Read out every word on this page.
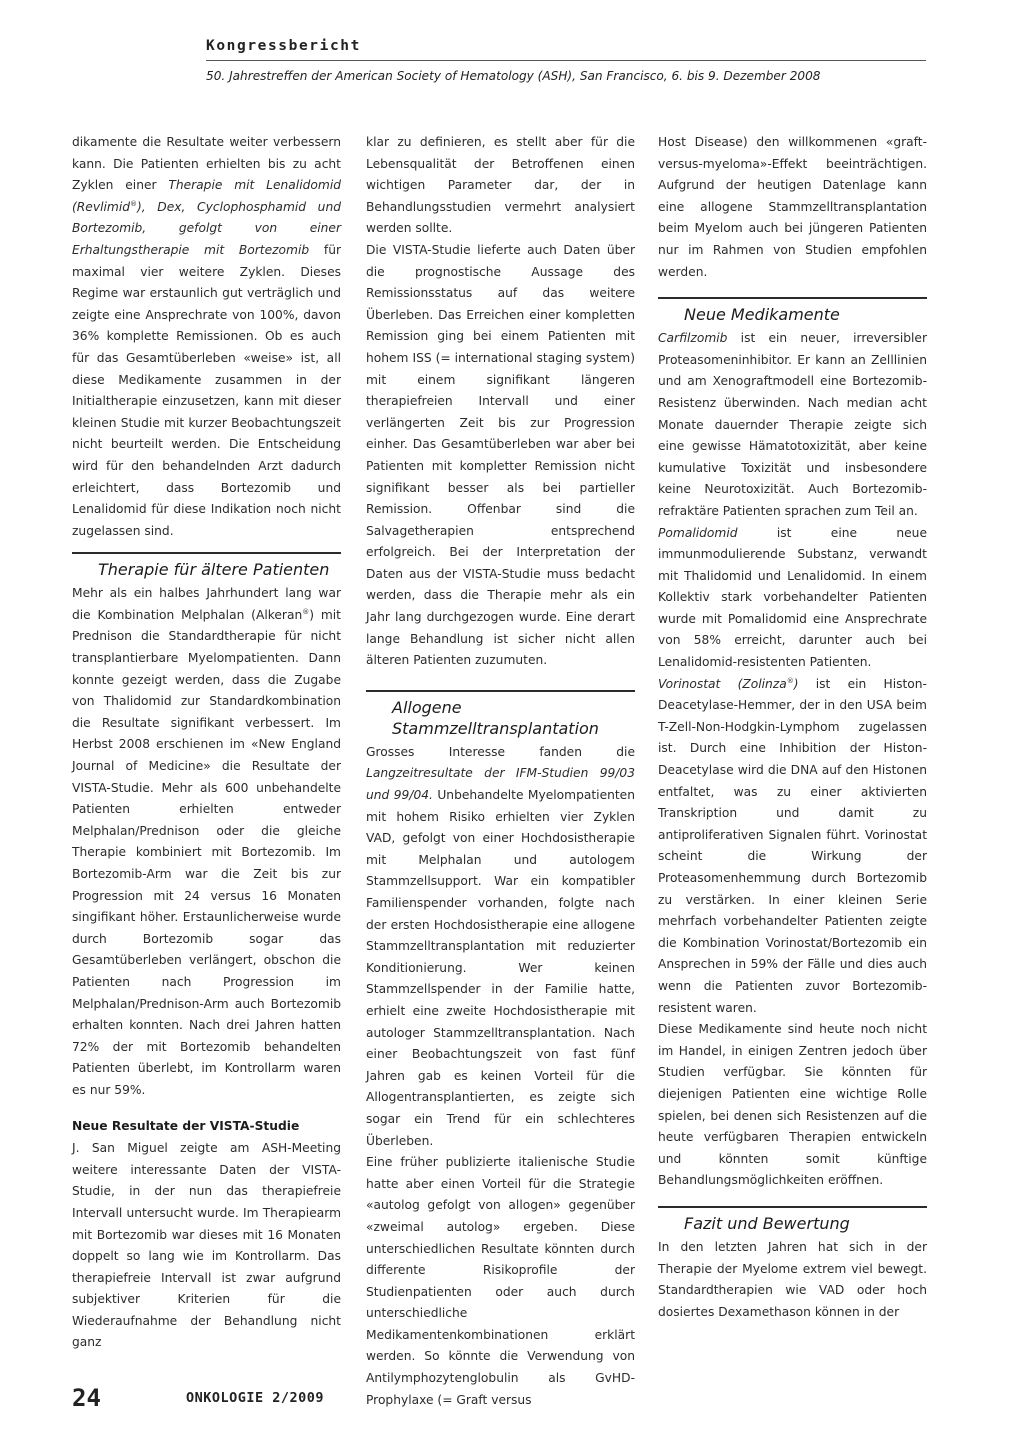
Kongressbericht
50. Jahrestreffen der American Society of Hematology (ASH), San Francisco, 6. bis 9. Dezember 2008

dikamente die Resultate weiter verbessern kann. Die Patienten erhielten bis zu acht Zyklen einer Therapie mit Lenalidomid (Revlimid®), Dex, Cyclophosphamid und Bortezomib, gefolgt von einer Erhaltungstherapie mit Bortezomib für maximal vier weitere Zyklen. Dieses Regime war erstaunlich gut verträglich und zeigte eine Ansprechrate von 100%, davon 36% komplette Remissionen. Ob es auch für das Gesamtüberleben «weise» ist, all diese Medikamente zusammen in der Initialtherapie einzusetzen, kann mit dieser kleinen Studie mit kurzer Beobachtungszeit nicht beurteilt werden. Die Entscheidung wird für den behandelnden Arzt dadurch erleichtert, dass Bortezomib und Lenalidomid für diese Indikation noch nicht zugelassen sind.

Therapie für ältere Patienten

Mehr als ein halbes Jahrhundert lang war die Kombination Melphalan (Alkeran®) mit Prednison die Standardtherapie für nicht transplantierbare Myelompatienten. Dann konnte gezeigt werden, dass die Zugabe von Thalidomid zur Standardkombination die Resultate signifikant verbessert. Im Herbst 2008 erschienen im «New England Journal of Medicine» die Resultate der VISTA-Studie. Mehr als 600 unbehandelte Patienten erhielten entweder Melphalan/Prednison oder die gleiche Therapie kombiniert mit Bortezomib. Im Bortezomib-Arm war die Zeit bis zur Progression mit 24 versus 16 Monaten singifikant höher. Erstaunlicherweise wurde durch Bortezomib sogar das Gesamtüberleben verlängert, obschon die Patienten nach Progression im Melphalan/Prednison-Arm auch Bortezomib erhalten konnten. Nach drei Jahren hatten 72% der mit Bortezomib behandelten Patienten überlebt, im Kontrollarm waren es nur 59%.

Neue Resultate der VISTA-Studie

J. San Miguel zeigte am ASH-Meeting weitere interessante Daten der VISTA-Studie, in der nun das therapiefreie Intervall untersucht wurde. Im Therapiearm mit Bortezomib war dieses mit 16 Monaten doppelt so lang wie im Kontrollarm. Das therapiefreie Intervall ist zwar aufgrund subjektiver Kriterien für die Wiederaufnahme der Behandlung nicht ganz

klar zu definieren, es stellt aber für die Lebensqualität der Betroffenen einen wichtigen Parameter dar, der in Behandlungsstudien vermehrt analysiert werden sollte.

Die VISTA-Studie lieferte auch Daten über die prognostische Aussage des Remissionsstatus auf das weitere Überleben. Das Erreichen einer kompletten Remission ging bei einem Patienten mit hohem ISS (= international staging system) mit einem signifikant längeren therapiefreien Intervall und einer verlängerten Zeit bis zur Progression einher. Das Gesamtüberleben war aber bei Patienten mit kompletter Remission nicht signifikant besser als bei partieller Remission. Offenbar sind die Salvagetherapien entsprechend erfolgreich. Bei der Interpretation der Daten aus der VISTA-Studie muss bedacht werden, dass die Therapie mehr als ein Jahr lang durchgezogen wurde. Eine derart lange Behandlung ist sicher nicht allen älteren Patienten zuzumuten.

Allogene Stammzelltransplantation

Grosses Interesse fanden die Langzeitresultate der IFM-Studien 99/03 und 99/04. Unbehandelte Myelompatienten mit hohem Risiko erhielten vier Zyklen VAD, gefolgt von einer Hochdosistherapie mit Melphalan und autologem Stammzellsupport. War ein kompatibler Familienspender vorhanden, folgte nach der ersten Hochdosistherapie eine allogene Stammzelltransplantation mit reduzierter Konditionierung. Wer keinen Stammzellspender in der Familie hatte, erhielt eine zweite Hochdosistherapie mit autologer Stammzelltransplantation. Nach einer Beobachtungszeit von fast fünf Jahren gab es keinen Vorteil für die Allogentransplantierten, es zeigte sich sogar ein Trend für ein schlechteres Überleben.

Eine früher publizierte italienische Studie hatte aber einen Vorteil für die Strategie «autolog gefolgt von allogen» gegenüber «zweimal autolog» ergeben. Diese unterschiedlichen Resultate könnten durch differente Risikoprofile der Studienpatienten oder auch durch unterschiedliche Medikamentenkombinationen erklärt werden. So könnte die Verwendung von Antilymphozytenglobulin als GvHD-Prophylaxe (= Graft versus

Host Disease) den willkommenen «graft-versus-myeloma»-Effekt beeinträchtigen. Aufgrund der heutigen Datenlage kann eine allogene Stammzelltransplantation beim Myelom auch bei jüngeren Patienten nur im Rahmen von Studien empfohlen werden.

Neue Medikamente

Carfilzomib ist ein neuer, irreversibler Proteasomeninhibitor. Er kann an Zelllinien und am Xenograftmodell eine Bortezomib-Resistenz überwinden. Nach median acht Monate dauernder Therapie zeigte sich eine gewisse Hämatotoxizität, aber keine kumulative Toxizität und insbesondere keine Neurotoxizität. Auch Bortezomib-refraktäre Patienten sprachen zum Teil an.

Pomalidomid ist eine neue immunmodulierende Substanz, verwandt mit Thalidomid und Lenalidomid. In einem Kollektiv stark vorbehandelter Patienten wurde mit Pomalidomid eine Ansprechrate von 58% erreicht, darunter auch bei Lenalidomid-resistenten Patienten.

Vorinostat (Zolinza®) ist ein Histon-Deacetylase-Hemmer, der in den USA beim T-Zell-Non-Hodgkin-Lymphom zugelassen ist. Durch eine Inhibition der Histon-Deacetylase wird die DNA auf den Histonen entfaltet, was zu einer aktivierten Transkription und damit zu antiproliferativen Signalen führt. Vorinostat scheint die Wirkung der Proteasomenhemmung durch Bortezomib zu verstärken. In einer kleinen Serie mehrfach vorbehandelter Patienten zeigte die Kombination Vorinostat/Bortezomib ein Ansprechen in 59% der Fälle und dies auch wenn die Patienten zuvor Bortezomib-resistent waren.

Diese Medikamente sind heute noch nicht im Handel, in einigen Zentren jedoch über Studien verfügbar. Sie könnten für diejenigen Patienten eine wichtige Rolle spielen, bei denen sich Resistenzen auf die heute verfügbaren Therapien entwickeln und könnten somit künftige Behandlungsmöglichkeiten eröffnen.

Fazit und Bewertung

In den letzten Jahren hat sich in der Therapie der Myelome extrem viel bewegt. Standardtherapien wie VAD oder hoch dosiertes Dexamethason können in der

24	ONKOLOGIE 2/2009
